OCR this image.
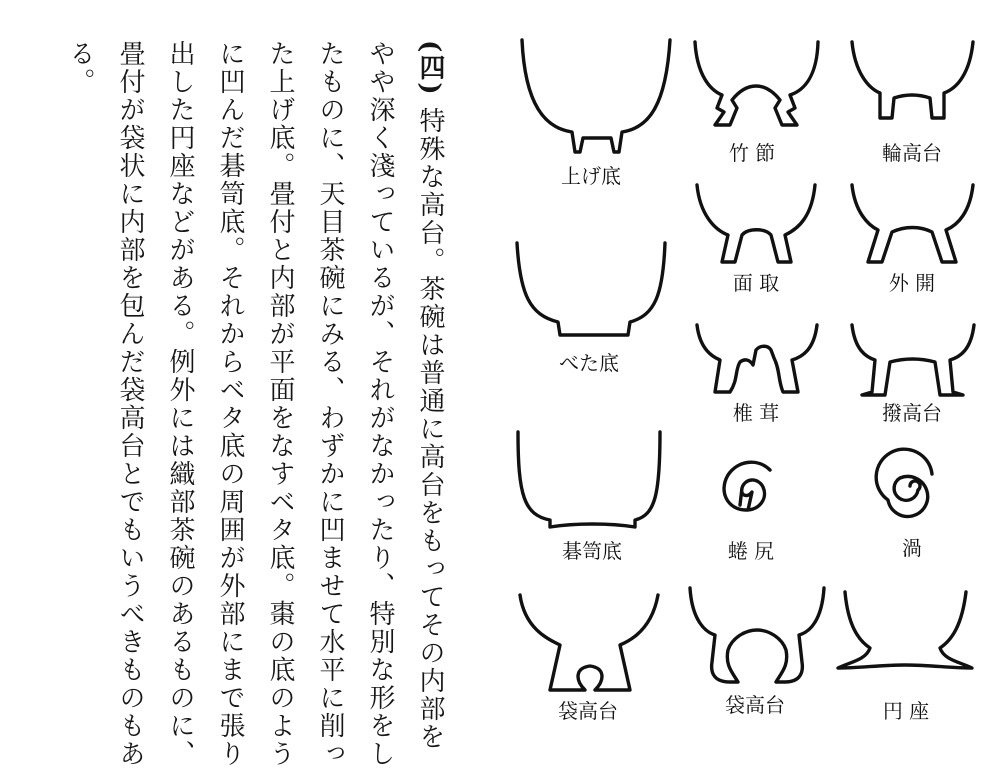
(四) 特殊な高台。茶碗は普通に高台をもってその内部を
やや深く淺っているが、それがなかったり、特別な形をし
たものに、天目茶碗にみる、わずかに凹ませて水平に削っ
た上げ底。畳付と内部が平面をなすベタ底。棗の底のよう
に凹んだ碁笥底。それからベタ底の周囲が外部にまで張り
出した円座などがある。例外には織部茶碗のあるものに、
畳付が袋状に内部を包んだ袋高台とでもいうべきものもあ
る。
上げ底
べた底
碁笥底
袋高台
竹 節
面 取
椎 茸
蜷 尻
袋高台
輪高台
外 開
撥高台
渦
円 座
